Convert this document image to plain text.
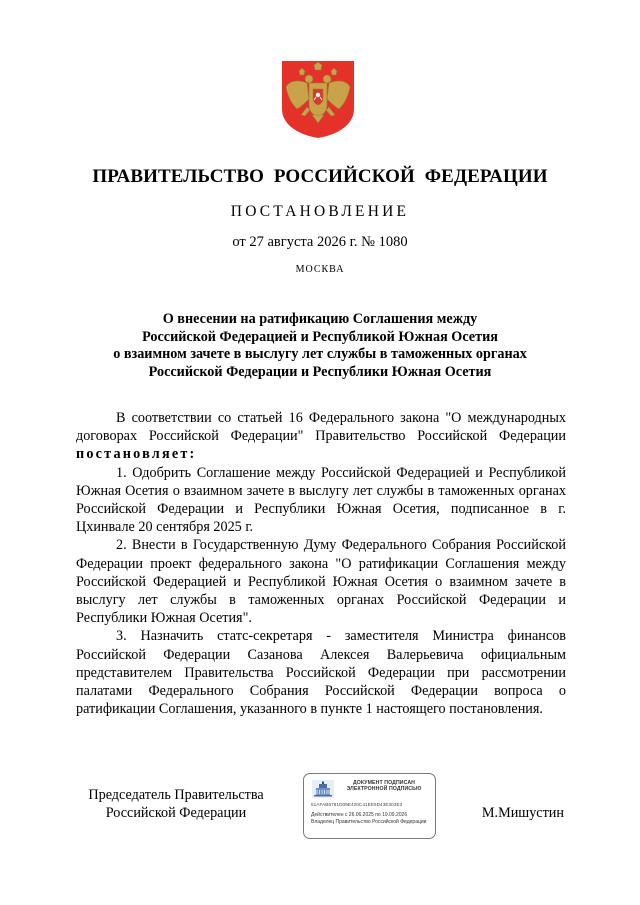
ПРАВИТЕЛЬСТВО РОССИЙСКОЙ ФЕДЕРАЦИИ
ПОСТАНОВЛЕНИЕ
от 27 августа 2026 г. № 1080
МОСКВА
О внесении на ратификацию Соглашения между
Российской Федерацией и Республикой Южная Осетия
о взаимном зачете в выслугу лет службы в таможенных органах
Российской Федерации и Республики Южная Осетия

В соответствии со статьей 16 Федерального закона "О международных договорах Российской Федерации" Правительство Российской Федерации постановляет:

1. Одобрить Соглашение между Российской Федерацией и Республикой Южная Осетия о взаимном зачете в выслугу лет службы в таможенных органах Российской Федерации и Республики Южная Осетия, подписанное в г. Цхинвале 20 сентября 2025 г.

2. Внести в Государственную Думу Федерального Собрания Российской Федерации проект федерального закона "О ратификации Соглашения между Российской Федерацией и Республикой Южная Осетия о взаимном зачете в выслугу лет службы в таможенных органах Российской Федерации и Республики Южная Осетия".

3. Назначить статс-секретаря - заместителя Министра финансов Российской Федерации Сазанова Алексея Валерьевича официальным представителем Правительства Российской Федерации при рассмотрении палатами Федерального Собрания Российской Федерации вопроса о ратификации Соглашения, указанного в пункте 1 настоящего постановления.

Председатель Правительства
Российской Федерации
ДОКУМЕНТ ПОДПИСАН
ЭЛЕКТРОННОЙ ПОДПИСЬЮ
51AFAB6781D09E420C41EE5D43E303E3
Действителен с 26.06.2025 по 19.09.2026
Владелец Правительство Российской Федерации
М.Мишустин
